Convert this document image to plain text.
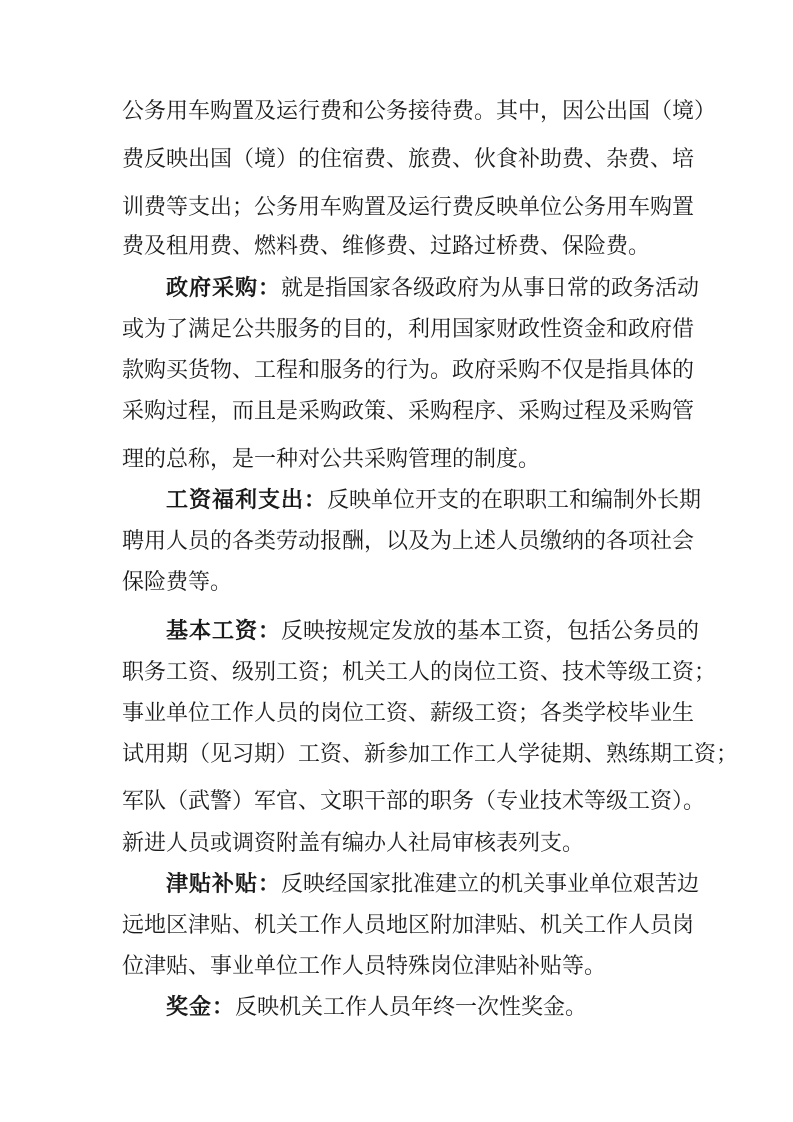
公务用车购置及运行费和公务接待费。其中，因公出国（境）
费反映出国（境）的住宿费、旅费、伙食补助费、杂费、培
训费等支出；公务用车购置及运行费反映单位公务用车购置
费及租用费、燃料费、维修费、过路过桥费、保险费。
政府采购：就是指国家各级政府为从事日常的政务活动
或为了满足公共服务的目的，利用国家财政性资金和政府借
款购买货物、工程和服务的行为。政府采购不仅是指具体的
采购过程，而且是采购政策、采购程序、采购过程及采购管
理的总称，是一种对公共采购管理的制度。
工资福利支出：反映单位开支的在职职工和编制外长期
聘用人员的各类劳动报酬，以及为上述人员缴纳的各项社会
保险费等。
基本工资：反映按规定发放的基本工资，包括公务员的
职务工资、级别工资；机关工人的岗位工资、技术等级工资；
事业单位工作人员的岗位工资、薪级工资；各类学校毕业生
试用期（见习期）工资、新参加工作工人学徒期、熟练期工资；
军队（武警）军官、文职干部的职务（专业技术等级工资）。
新进人员或调资附盖有编办人社局审核表列支。
津贴补贴：反映经国家批准建立的机关事业单位艰苦边
远地区津贴、机关工作人员地区附加津贴、机关工作人员岗
位津贴、事业单位工作人员特殊岗位津贴补贴等。
奖金：反映机关工作人员年终一次性奖金。
